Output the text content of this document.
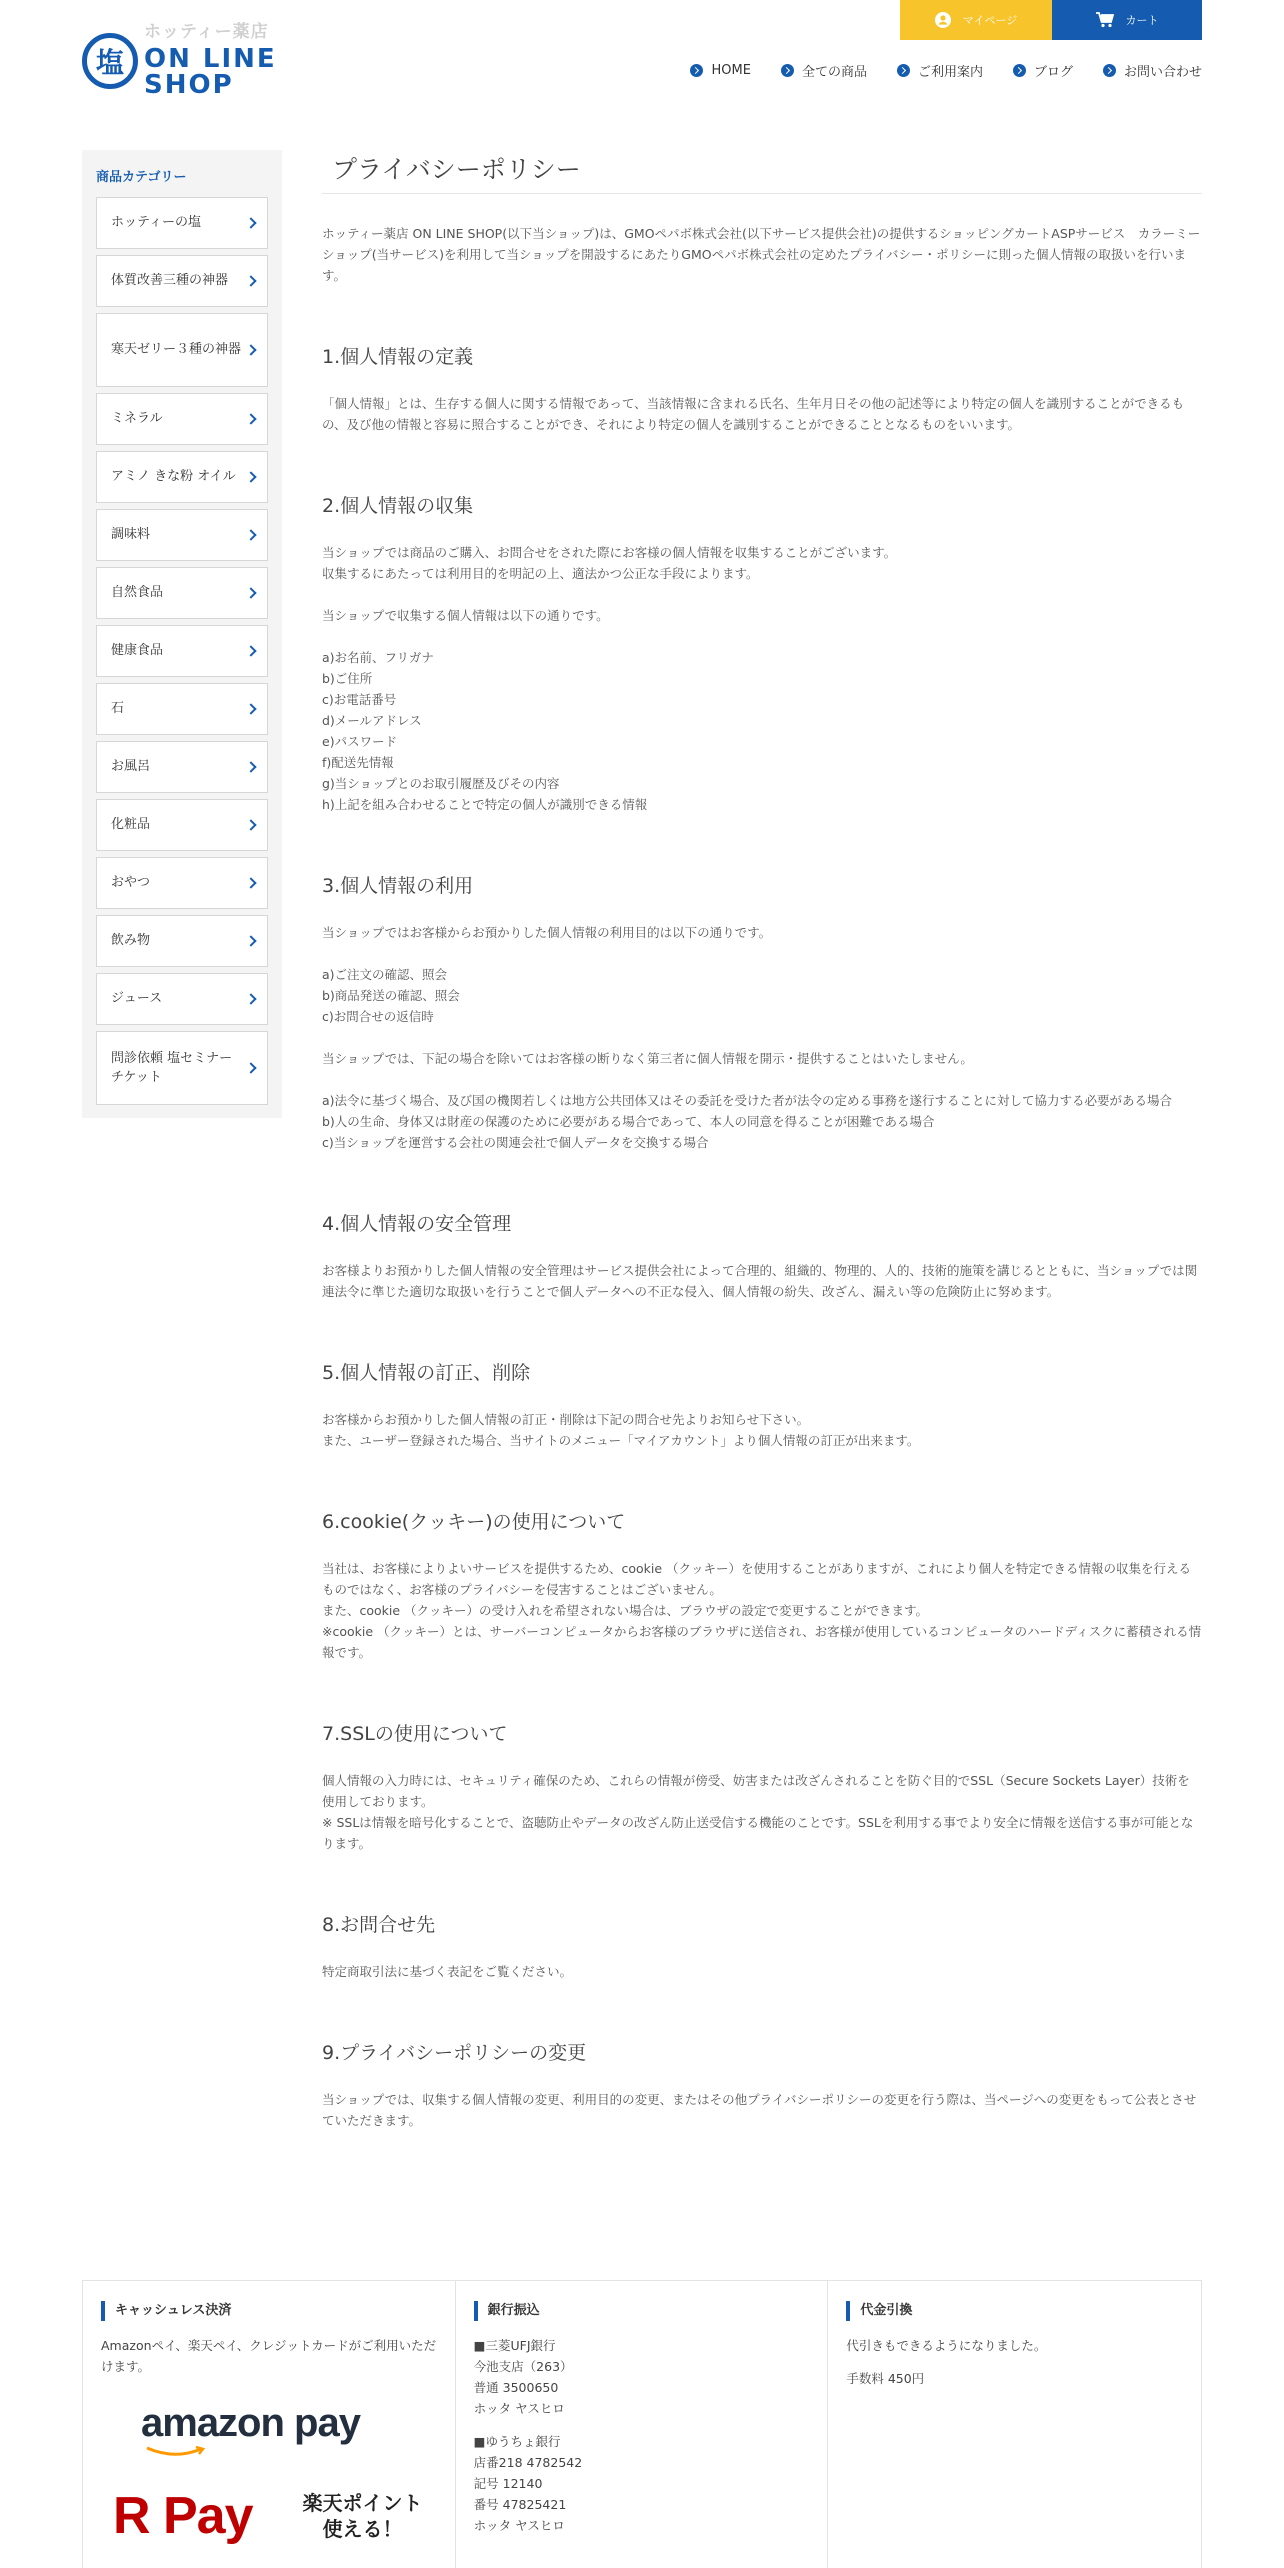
マイページ	カート
塩
ホッティー薬店
ON LINE SHOP	HOME	全ての商品	ご利用案内	ブログ	お問い合わせ
商品カテゴリー
ホッティーの塩
体質改善三種の神器
寒天ゼリー３種の神器
ミネラル
アミノ きな粉 オイル
調味料
自然食品
健康食品
石
お風呂
化粧品
おやつ
飲み物
ジュース
問診依頼 塩セミナーチケット
プライバシーポリシー

ホッティー薬店 ON LINE SHOP(以下当ショップ)は、GMOペパボ株式会社(以下サービス提供会社)の提供するショッピングカートASPサービス　カラーミーショップ(当サービス)を利用して当ショップを開設するにあたりGMOペパボ株式会社の定めたプライバシー・ポリシーに則った個人情報の取扱いを行います。

1.個人情報の定義
「個人情報」とは、生存する個人に関する情報であって、当該情報に含まれる氏名、生年月日その他の記述等により特定の個人を識別することができるもの、及び他の情報と容易に照合することができ、それにより特定の個人を識別することができることとなるものをいいます。
2.個人情報の収集
当ショップでは商品のご購入、お問合せをされた際にお客様の個人情報を収集することがございます。
収集するにあたっては利用目的を明記の上、適法かつ公正な手段によります。
当ショップで収集する個人情報は以下の通りです。
a)お名前、フリガナ
b)ご住所
c)お電話番号
d)メールアドレス
e)パスワード
f)配送先情報
g)当ショップとのお取引履歴及びその内容
h)上記を組み合わせることで特定の個人が識別できる情報
3.個人情報の利用
当ショップではお客様からお預かりした個人情報の利用目的は以下の通りです。
a)ご注文の確認、照会
b)商品発送の確認、照会
c)お問合せの返信時
当ショップでは、下記の場合を除いてはお客様の断りなく第三者に個人情報を開示・提供することはいたしません。
a)法令に基づく場合、及び国の機関若しくは地方公共団体又はその委託を受けた者が法令の定める事務を遂行することに対して協力する必要がある場合
b)人の生命、身体又は財産の保護のために必要がある場合であって、本人の同意を得ることが困難である場合
c)当ショップを運営する会社の関連会社で個人データを交換する場合
4.個人情報の安全管理
お客様よりお預かりした個人情報の安全管理はサービス提供会社によって合理的、組織的、物理的、人的、技術的施策を講じるとともに、当ショップでは関連法令に準じた適切な取扱いを行うことで個人データへの不正な侵入、個人情報の紛失、改ざん、漏えい等の危険防止に努めます。
5.個人情報の訂正、削除
お客様からお預かりした個人情報の訂正・削除は下記の問合せ先よりお知らせ下さい。
また、ユーザー登録された場合、当サイトのメニュー「マイアカウント」より個人情報の訂正が出来ます。
6.cookie(クッキー)の使用について
当社は、お客様によりよいサービスを提供するため、cookie （クッキー）を使用することがありますが、これにより個人を特定できる情報の収集を行えるものではなく、お客様のプライバシーを侵害することはございません。
また、cookie （クッキー）の受け入れを希望されない場合は、ブラウザの設定で変更することができます。
※cookie （クッキー）とは、サーバーコンピュータからお客様のブラウザに送信され、お客様が使用しているコンピュータのハードディスクに蓄積される情報です。
7.SSLの使用について
個人情報の入力時には、セキュリティ確保のため、これらの情報が傍受、妨害または改ざんされることを防ぐ目的でSSL（Secure Sockets Layer）技術を使用しております。
※ SSLは情報を暗号化することで、盗聴防止やデータの改ざん防止送受信する機能のことです。SSLを利用する事でより安全に情報を送信する事が可能となります。
8.お問合せ先
特定商取引法に基づく表記をご覧ください。
9.プライバシーポリシーの変更
当ショップでは、収集する個人情報の変更、利用目的の変更、またはその他プライバシーポリシーの変更を行う際は、当ページへの変更をもって公表とさせていただきます。
キャッシュレス決済
Amazonペイ、楽天ペイ、クレジットカードがご利用いただけます。
amazon pay
R Pay	楽天ポイント
使える！
銀行振込
■三菱UFJ銀行
今池支店（263）
普通 3500650
ホッタ ヤスヒロ
■ゆうちょ銀行
店番218 4782542
記号 12140
番号 47825421
ホッタ ヤスヒロ
代金引換
代引きもできるようになりました。
手数料 450円
